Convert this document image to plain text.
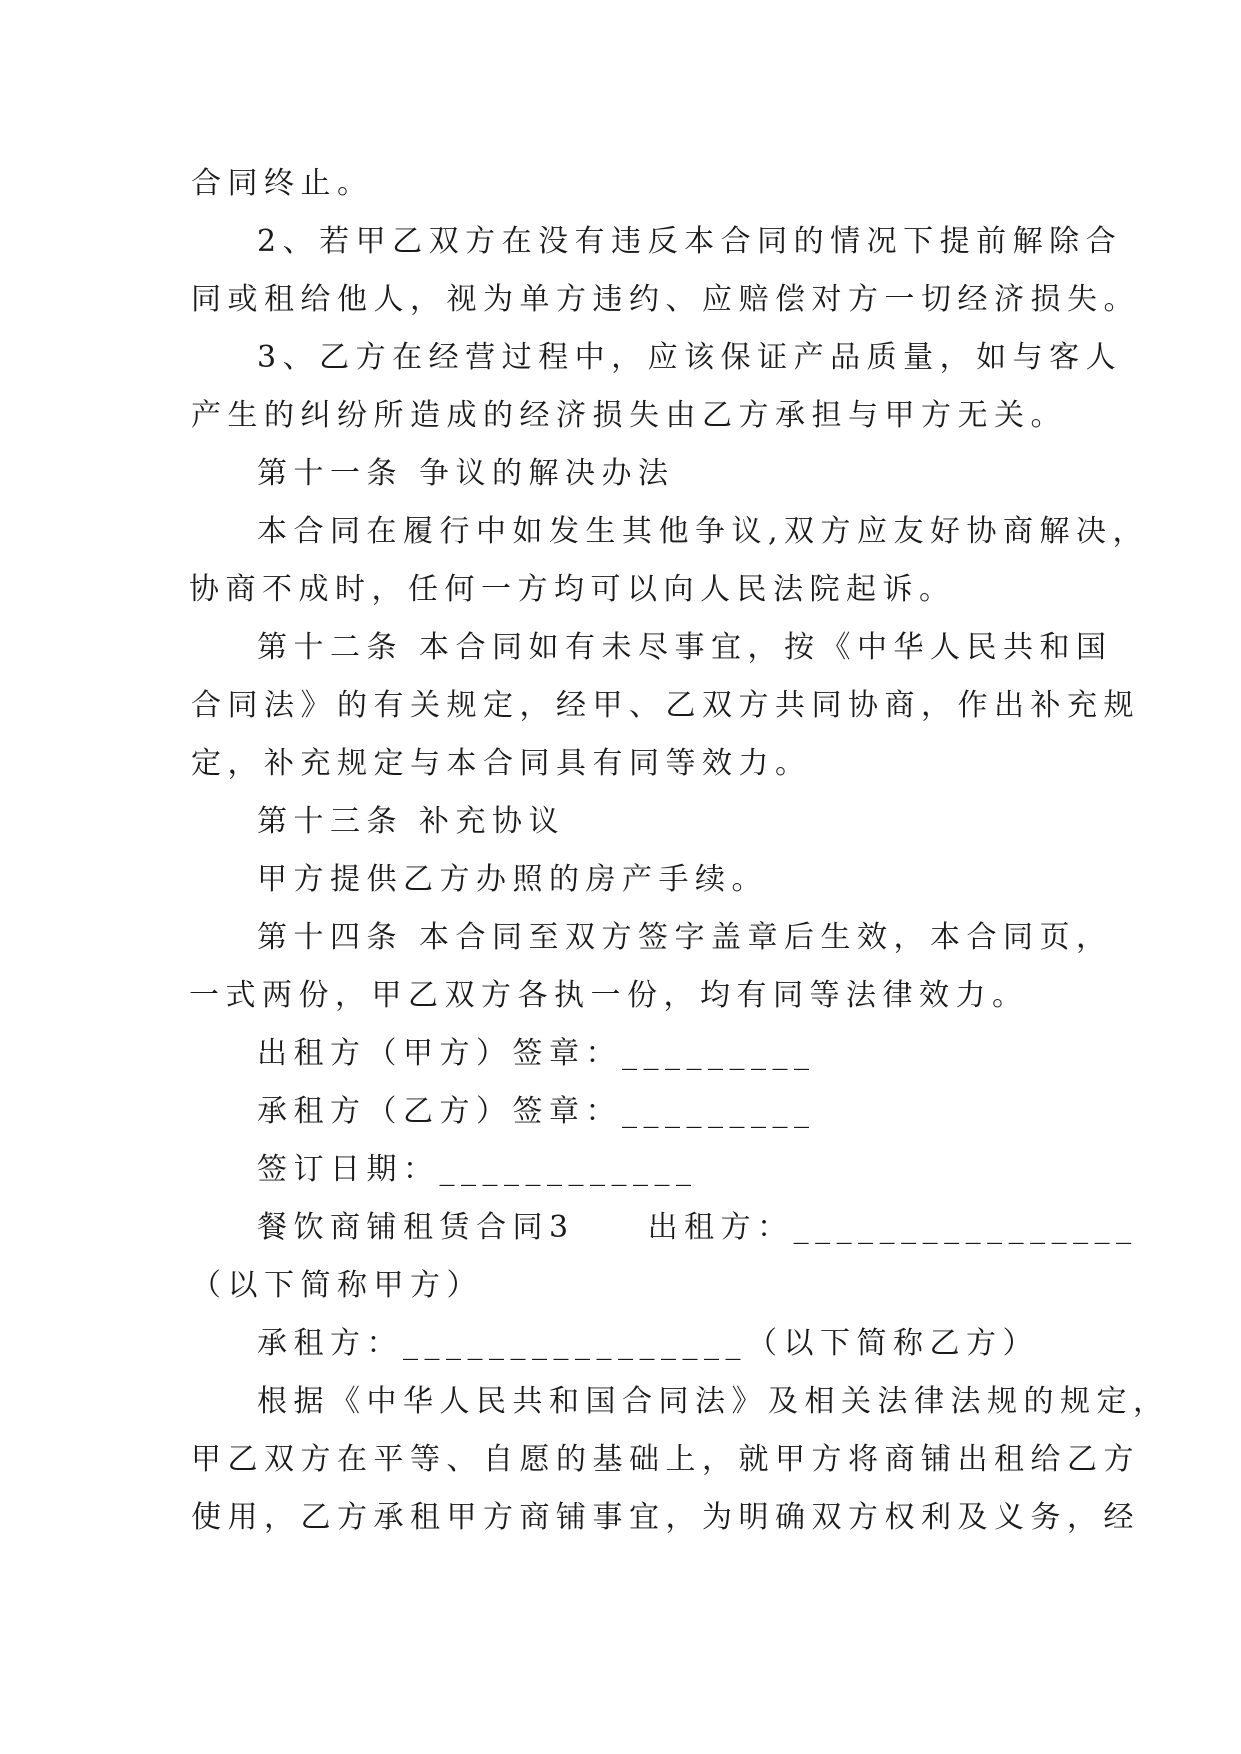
合同终止。
2、若甲乙双方在没有违反本合同的情况下提前解除合
同或租给他人，视为单方违约、应赔偿对方一切经济损失。
3、乙方在经营过程中，应该保证产品质量，如与客人
产生的纠纷所造成的经济损失由乙方承担与甲方无关。
第十一条 争议的解决办法
本合同在履行中如发生其他争议,双方应友好协商解决，
协商不成时，任何一方均可以向人民法院起诉。
第十二条 本合同如有未尽事宜，按《中华人民共和国
合同法》的有关规定，经甲、乙双方共同协商，作出补充规
定，补充规定与本合同具有同等效力。
第十三条 补充协议
甲方提供乙方办照的房产手续。
第十四条 本合同至双方签字盖章后生效，本合同页，
一式两份，甲乙双方各执一份，均有同等法律效力。
出租方（甲方）签章：_________
承租方（乙方）签章：_________
签订日期：____________
餐饮商铺租赁合同3　　出租方：________________
（以下简称甲方）
承租方：________________（以下简称乙方）
根据《中华人民共和国合同法》及相关法律法规的规定，
甲乙双方在平等、自愿的基础上，就甲方将商铺出租给乙方
使用，乙方承租甲方商铺事宜，为明确双方权利及义务，经
